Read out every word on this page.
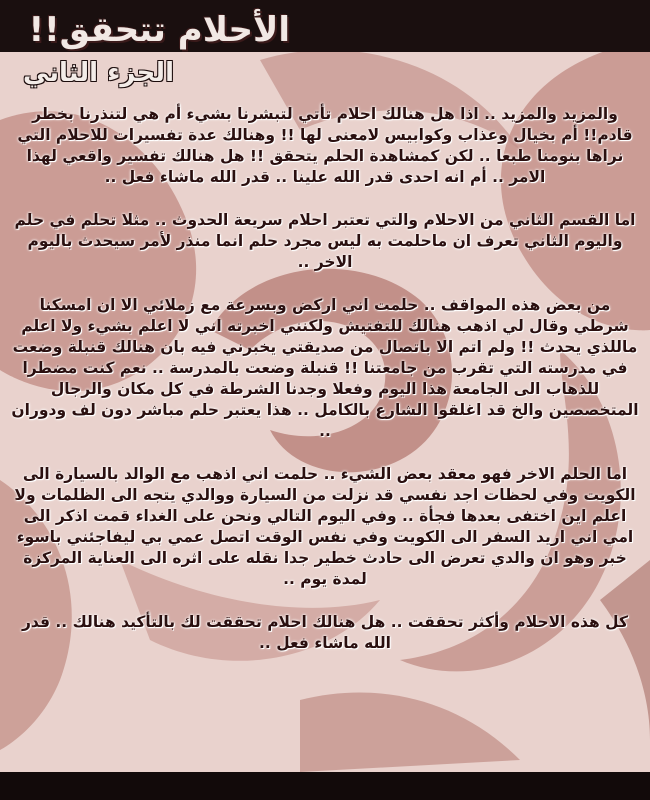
الأحلام تتحقق!!
الجزء الثاني

والمزيد والمزيد .. اذا هل هنالك احلام تأتي لتبشرنا بشيء أم هي لتنذرنا بخطر قادم!! أم بخيال وعذاب وكوابيس لامعنى لها !! وهنالك عدة تفسيرات للاحلام التي نراها بنومنا طبعا .. لكن كمشاهدة الحلم يتحقق !! هل هنالك تفسير واقعي لهذا الامر .. أم انه احدى قدر الله علينا .. قدر الله ماشاء فعل ..

اما القسم الثاني من الاحلام والتي تعتبر احلام سريعة الحدوث .. مثلا تحلم في حلم واليوم الثاني تعرف ان ماحلمت به ليس مجرد حلم انما منذر لأمر سيحدث باليوم الاخر ..

من بعض هذه المواقف .. حلمت اني اركض وبسرعة مع زملائي الا ان امسكنا شرطي وقال لي اذهب هنالك للتفتيش ولكنني اخبرته اني لا اعلم بشيء ولا اعلم ماللذي يحدث !! ولم اتم الا باتصال من صديقتي يخبرني فيه بان هنالك قنبلة وضعت في مدرسته التي تقرب من جامعتنا !! قنبلة وضعت بالمدرسة .. نعم كنت مضطرا للذهاب الى الجامعة هذا اليوم وفعلا وجدنا الشرطة في كل مكان والرجال المتخصصين والخ قد اغلقوا الشارع بالكامل .. هذا يعتبر حلم مباشر دون لف ودوران ..

اما الحلم الاخر فهو معقد بعض الشيء .. حلمت اني اذهب مع الوالد بالسيارة الى الكويت وفي لحظات اجد نفسي قد نزلت من السيارة ووالدي يتجه الى الظلمات ولا اعلم اين اختفى بعدها فجأة .. وفي اليوم التالي ونحن على الغداء قمت اذكر الى امي اني اريد السفر الى الكويت وفي نفس الوقت اتصل عمي بي ليفاجئني باسوء خبر وهو ان والدي تعرض الى حادث خطير جدا نقله على اثره الى العناية المركزة لمدة يوم ..

كل هذه الاحلام وأكثر تحققت .. هل هنالك احلام تحققت لك بالتأكيد هنالك .. قدر الله ماشاء فعل ..
